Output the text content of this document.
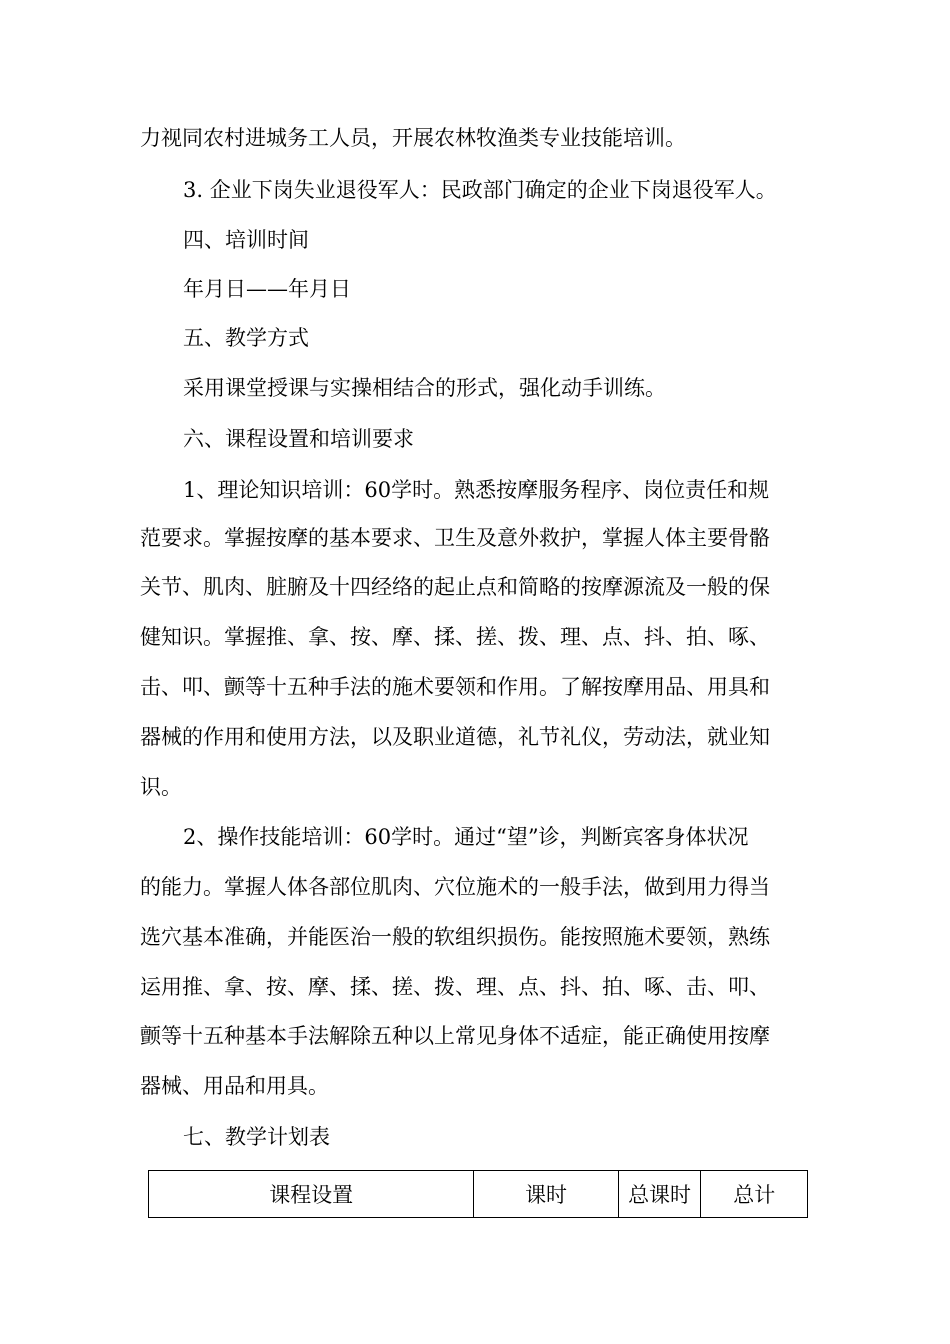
力视同农村进城务工人员，开展农林牧渔类专业技能培训。
3. 企业下岗失业退役军人：民政部门确定的企业下岗退役军人。
四、培训时间
年月日——年月日
五、教学方式
采用课堂授课与实操相结合的形式，强化动手训练。
六、课程设置和培训要求
1、理论知识培训：60学时。熟悉按摩服务程序、岗位责任和规
范要求。掌握按摩的基本要求、卫生及意外救护，掌握人体主要骨骼
关节、肌肉、脏腑及十四经络的起止点和简略的按摩源流及一般的保
健知识。掌握推、拿、按、摩、揉、搓、拨、理、点、抖、拍、啄、
击、叩、颤等十五种手法的施术要领和作用。了解按摩用品、用具和
器械的作用和使用方法，以及职业道德，礼节礼仪，劳动法，就业知
识。
2、操作技能培训：60学时。通过“望”诊，判断宾客身体状况
的能力。掌握人体各部位肌肉、穴位施术的一般手法，做到用力得当
选穴基本准确，并能医治一般的软组织损伤。能按照施术要领，熟练
运用推、拿、按、摩、揉、搓、拨、理、点、抖、拍、啄、击、叩、
颤等十五种基本手法解除五种以上常见身体不适症，能正确使用按摩
器械、用品和用具。
七、教学计划表
课程设置	课时	总课时	总计
